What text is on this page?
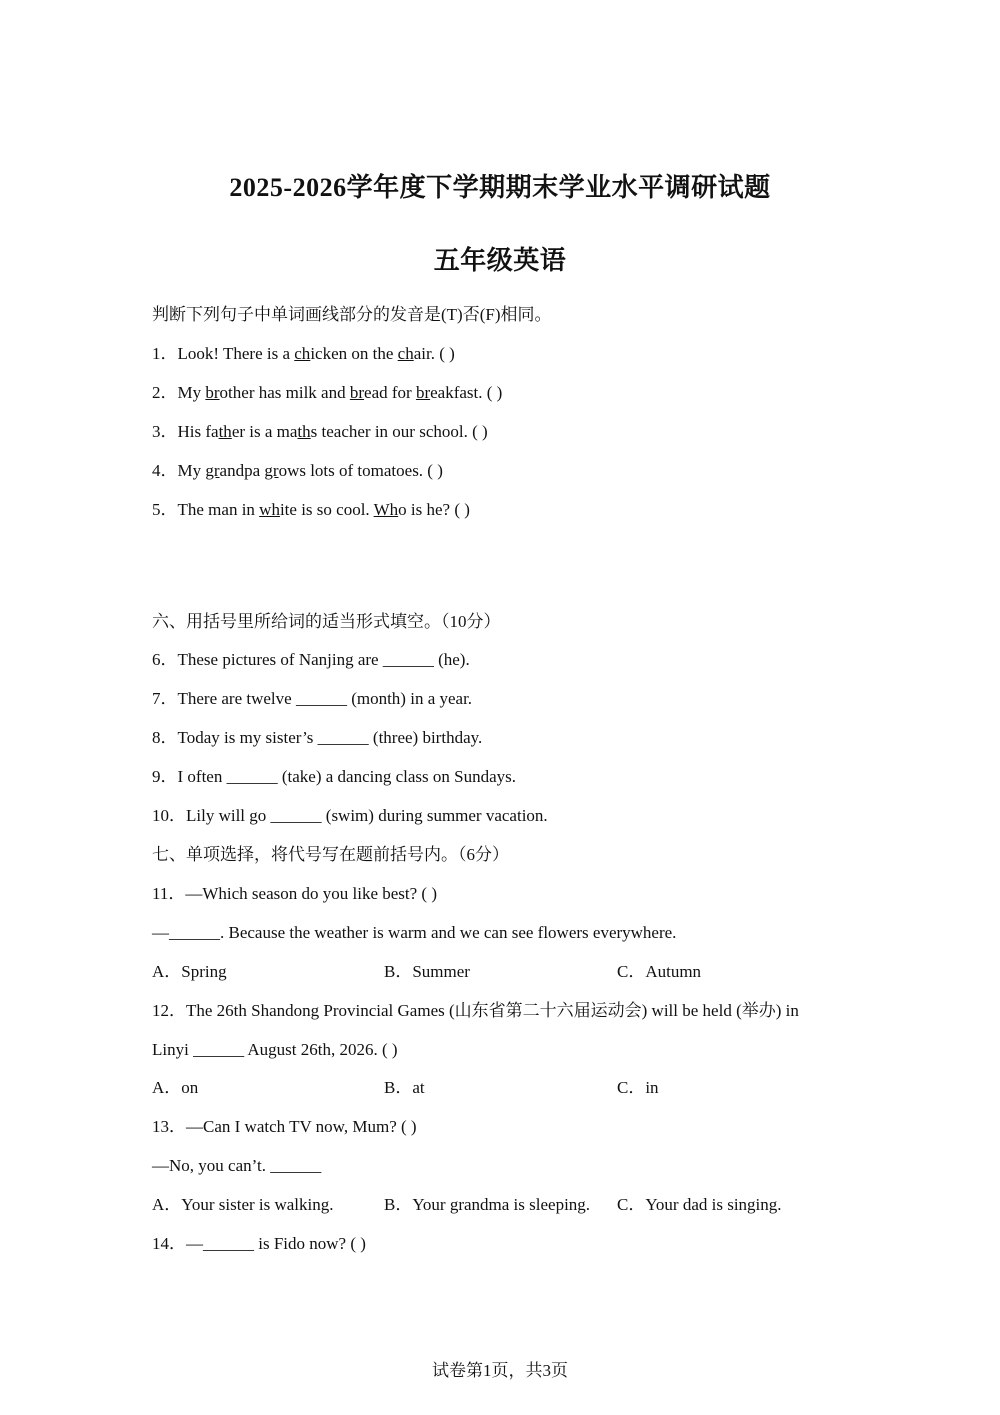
2025-2026学年度下学期期末学业水平调研试题
五年级英语
判断下列句子中单词画线部分的发音是(T)否(F)相同。
1．Look! There is a chicken on the chair. ( )
2．My brother has milk and bread for breakfast. ( )
3．His father is a maths teacher in our school. ( )
4．My grandpa grows lots of tomatoes. ( )
5．The man in white is so cool. Who is he? ( )
六、用括号里所给词的适当形式填空。（10分）
6．These pictures of Nanjing are ______ (he).
7．There are twelve ______ (month) in a year.
8．Today is my sister’s ______ (three) birthday.
9．I often ______ (take) a dancing class on Sundays.
10．Lily will go ______ (swim) during summer vacation.
七、单项选择，将代号写在题前括号内。（6分）
11．—Which season do you like best? ( )
—______. Because the weather is warm and we can see flowers everywhere.
A．Spring	B．Summer	C．Autumn
12．The 26th Shandong Provincial Games (山东省第二十六届运动会) will be held (举办) in
Linyi ______ August 26th, 2026. ( )
A．on	B．at	C．in
13．—Can I watch TV now, Mum? ( )
—No, you can’t. ______
A．Your sister is walking.	B．Your grandma is sleeping. C．Your dad is singing.
14．—______ is Fido now? ( )
试卷第1页，共3页
